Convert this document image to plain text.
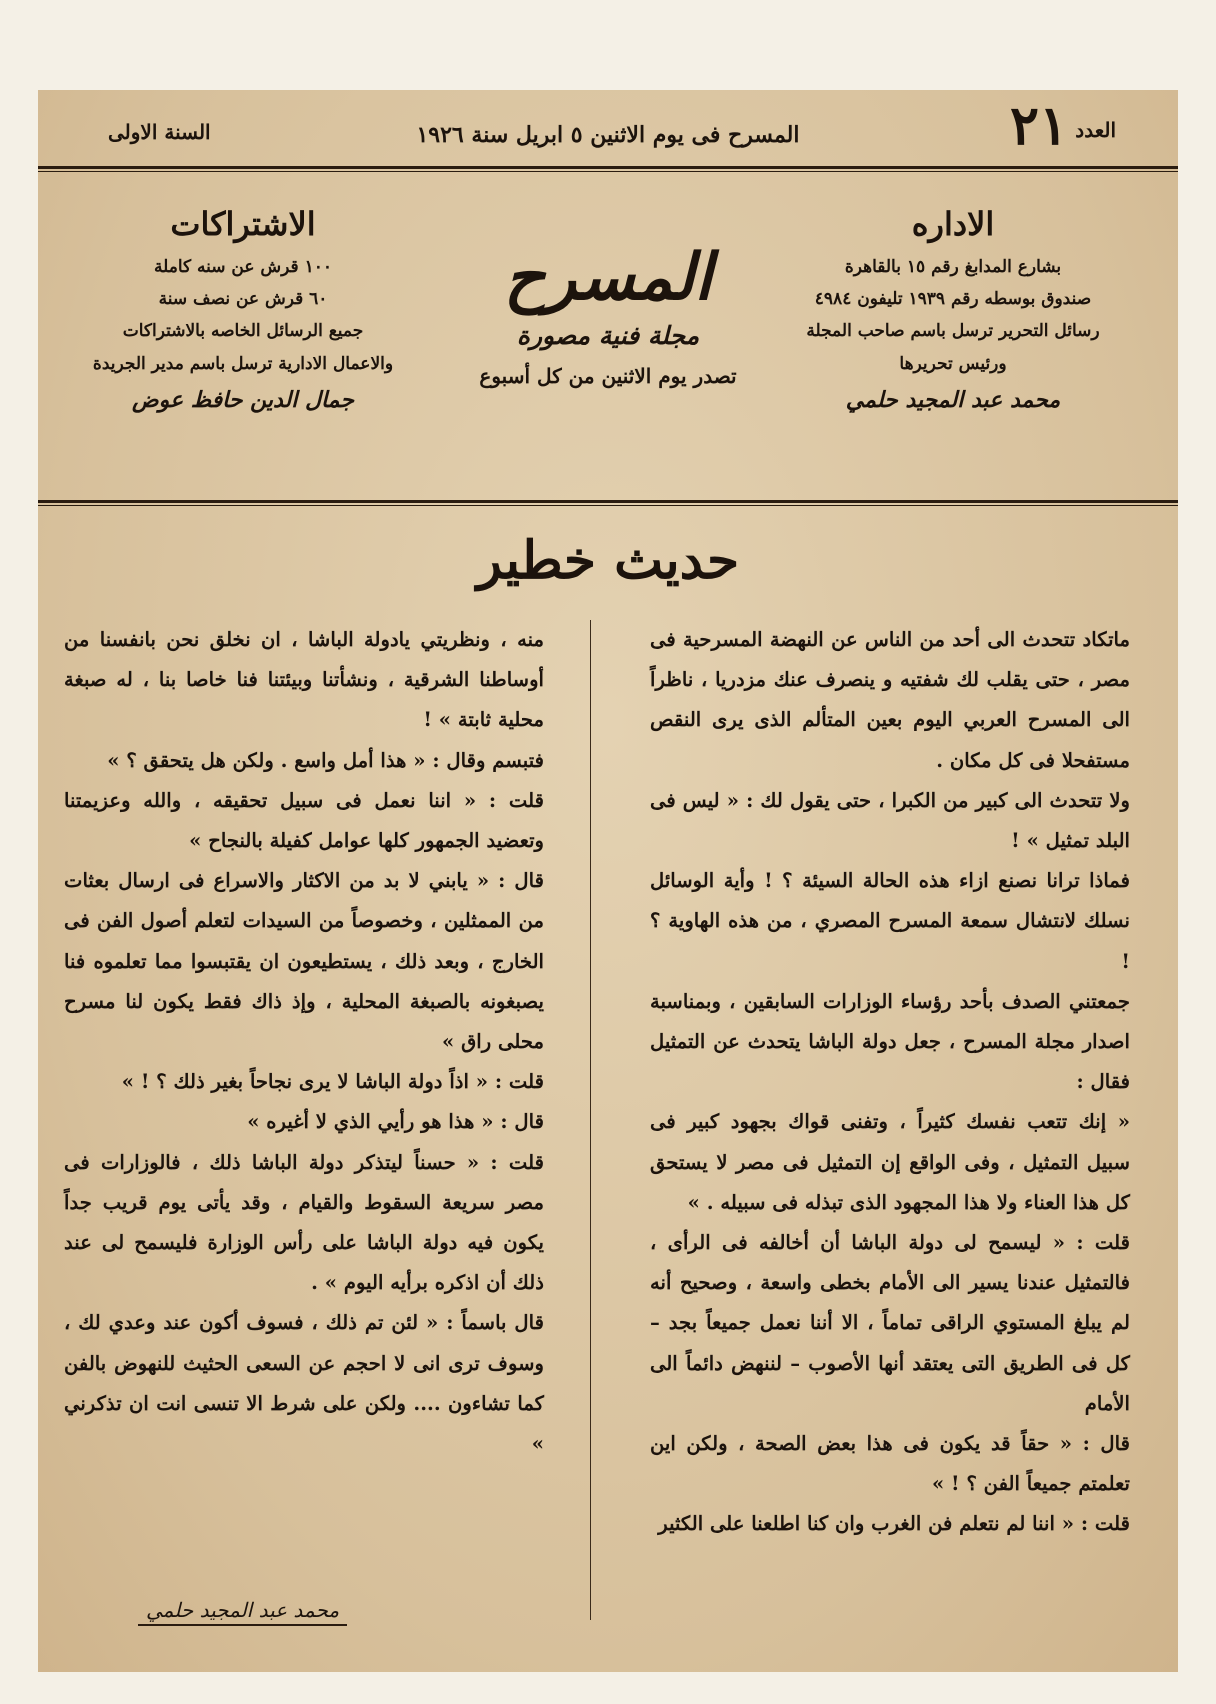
العدد
٢١
المسرح فى يوم الاثنين ٥ ابريل سنة ١٩٢٦
السنة الاولى
الاداره
بشارع المدابغ رقم ١٥ بالقاهرة
صندوق بوسطه رقم ١٩٣٩ تليفون ٤٩٨٤
رسائل التحرير ترسل باسم صاحب المجلة
ورئيس تحريرها
محمد عبد المجيد حلمي
المسرح
مجلة فنية مصورة
تصدر يوم الاثنين من كل أسبوع
الاشتراكات
١٠٠ قرش عن سنه كاملة
٦٠ قرش عن نصف سنة
جميع الرسائل الخاصه بالاشتراكات
والاعمال الادارية ترسل باسم مدير الجريدة
جمال الدين حافظ عوض
حديث خطير

ماتكاد تتحدث الى أحد من الناس عن النهضة المسرحية فى مصر ، حتى يقلب لك شفتيه و ينصرف عنك مزدريا ، ناظراً الى المسرح العربي اليوم بعين المتألم الذى يرى النقص مستفحلا فى كل مكان .

ولا تتحدث الى كبير من الكبرا ، حتى يقول لك : « ليس فى البلد تمثيل » !

فماذا ترانا نصنع ازاء هذه الحالة السيئة ؟ ! وأية الوسائل نسلك لانتشال سمعة المسرح المصري ، من هذه الهاوية ؟ !

جمعتني الصدف بأحد رؤساء الوزارات السابقين ، وبمناسبة اصدار مجلة المسرح ، جعل دولة الباشا يتحدث عن التمثيل فقال :

« إنك تتعب نفسك كثيراً ، وتفنى قواك بجهود كبير فى سبيل التمثيل ، وفى الواقع إن التمثيل فى مصر لا يستحق كل هذا العناء ولا هذا المجهود الذى تبذله فى سبيله . »

قلت : « ليسمح لى دولة الباشا أن أخالفه فى الرأى ، فالتمثيل عندنا يسير الى الأمام بخطى واسعة ، وصحيح أنه لم يبلغ المستوي الراقى تماماً ، الا أننا نعمل جميعاً بجد – كل فى الطريق التى يعتقد أنها الأصوب – لننهض دائماً الى الأمام

قال : « حقاً قد يكون فى هذا بعض الصحة ، ولكن اين تعلمتم جميعاً الفن ؟ ! »

قلت : « اننا لم نتعلم فن الغرب وان كنا اطلعنا على الكثير

منه ، ونظريتي يادولة الباشا ، ان نخلق نحن بانفسنا من أوساطنا الشرقية ، ونشأتنا وبيئتنا فنا خاصا بنا ، له صبغة محلية ثابتة » !

فتبسم وقال : « هذا أمل واسع . ولكن هل يتحقق ؟ »

قلت : « اننا نعمل فى سبيل تحقيقه ، والله وعزيمتنا وتعضيد الجمهور كلها عوامل كفيلة بالنجاح »

قال : « يابني لا بد من الاكثار والاسراع فى ارسال بعثات من الممثلين ، وخصوصاً من السيدات لتعلم أصول الفن فى الخارج ، وبعد ذلك ، يستطيعون ان يقتبسوا مما تعلموه فنا يصبغونه بالصبغة المحلية ، وإذ ذاك فقط يكون لنا مسرح محلى راق »

قلت : « اذاً دولة الباشا لا يرى نجاحاً بغير ذلك ؟ ! »

قال : « هذا هو رأيي الذي لا أغيره »

قلت : « حسناً ليتذكر دولة الباشا ذلك ، فالوزارات فى مصر سريعة السقوط والقيام ، وقد يأتى يوم قريب جداً يكون فيه دولة الباشا على رأس الوزارة فليسمح لى عند ذلك أن اذكره برأيه اليوم » .

قال باسماً : « لئن تم ذلك ، فسوف أكون عند وعدي لك ، وسوف ترى انى لا احجم عن السعى الحثيث للنهوض بالفن كما تشاءون .... ولكن على شرط الا تنسى انت ان تذكرني »

محمد عبد المجيد حلمي
